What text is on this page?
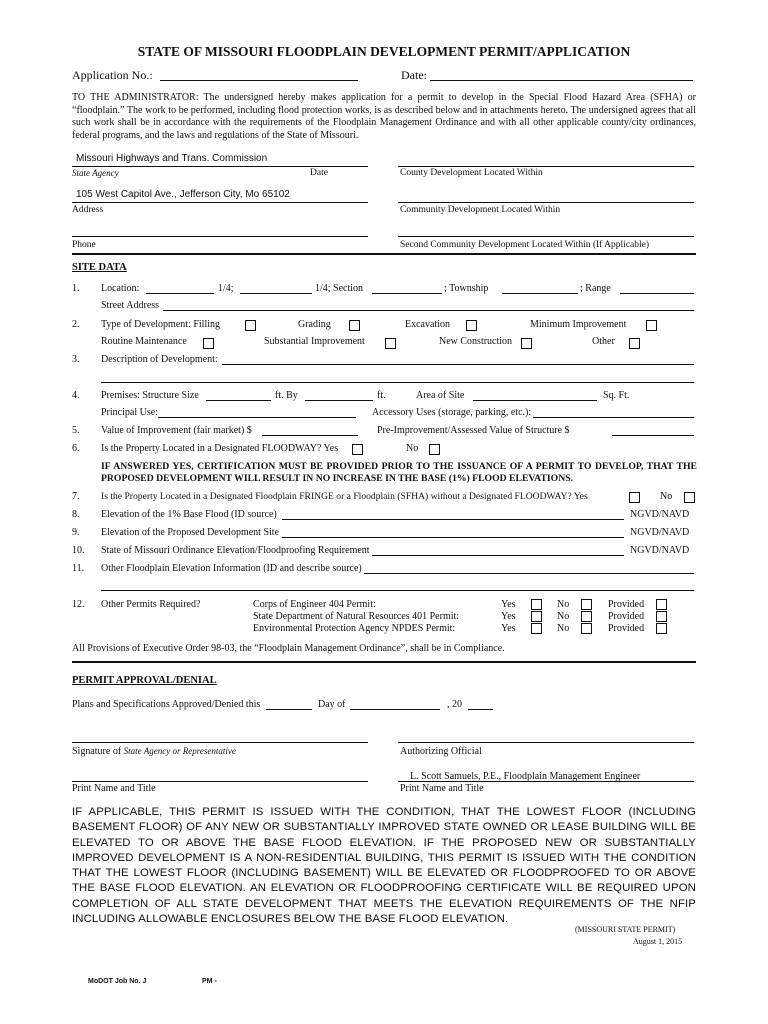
STATE OF MISSOURI FLOODPLAIN DEVELOPMENT PERMIT/APPLICATION
Application No.:	Date:
TO THE ADMINISTRATOR: The undersigned hereby makes application for a permit to develop in the Special Flood Hazard Area (SFHA) or “floodplain.” The work to be performed, including flood protection works, is as described below and in attachments hereto. The undersigned agrees that all such work shall be in accordance with the requirements of the Floodplain Management Ordinance and with all other applicable county/city ordinances, federal programs, and the laws and regulations of the State of Missouri.
Missouri Highways and Trans. Commission
State Agency	Date	County Development Located Within
105 West Capitol Ave., Jefferson City, Mo 65102
Address	Community Development Located Within
Phone	Second Community Development Located Within (If Applicable)
SITE DATA
1. Location:	1/4;	1/4; Section	; Township	; Range
Street Address
2. Type of Development: Filling	Grading	Excavation	Minimum Improvement
Routine Maintenance	Substantial Improvement	New Construction	Other
3. Description of Development:
4. Premises: Structure Size	ft. By	ft.	Area of Site	Sq. Ft.
Principal Use:	Accessory Uses (storage, parking, etc.):
5. Value of Improvement (fair market) $	Pre-Improvement/Assessed Value of Structure $
6. Is the Property Located in a Designated FLOODWAY? Yes	No
IF ANSWERED YES, CERTIFICATION MUST BE PROVIDED PRIOR TO THE ISSUANCE OF A PERMIT TO DEVELOP, THAT THE PROPOSED DEVELOPMENT WILL RESULT IN NO INCREASE IN THE BASE (1%) FLOOD ELEVATIONS.
7. Is the Property Located in a Designated Floodplain FRINGE or a Floodplain (SFHA) without a Designated FLOODWAY? Yes	No
8. Elevation of the 1% Base Flood (ID source)	NGVD/NAVD
9. Elevation of the Proposed Development Site	NGVD/NAVD
10. State of Missouri Ordinance Elevation/Floodproofing Requirement	NGVD/NAVD
11. Other Floodplain Elevation Information (ID and describe source)
12. Other Permits Required?	Corps of Engineer 404 Permit:	Yes	No	Provided
State Department of Natural Resources 401 Permit:	Yes	No	Provided
Environmental Protection Agency NPDES Permit:	Yes	No	Provided
All Provisions of Executive Order 98-03, the “Floodplain Management Ordinance”, shall be in Compliance.
PERMIT APPROVAL/DENIAL
Plans and Specifications Approved/Denied this	Day of	, 20
Signature of State Agency or Representative	Authorizing Official
L. Scott Samuels, P.E., Floodplain Management Engineer
Print Name and Title	Print Name and Title
IF APPLICABLE, THIS PERMIT IS ISSUED WITH THE CONDITION, THAT THE LOWEST FLOOR (INCLUDING BASEMENT FLOOR) OF ANY NEW OR SUBSTANTIALLY IMPROVED STATE OWNED OR LEASE BUILDING WILL BE ELEVATED TO OR ABOVE THE BASE FLOOD ELEVATION. IF THE PROPOSED NEW OR SUBSTANTIALLY IMPROVED DEVELOPMENT IS A NON-RESIDENTIAL BUILDING, THIS PERMIT IS ISSUED WITH THE CONDITION THAT THE LOWEST FLOOR (INCLUDING BASEMENT) WILL BE ELEVATED OR FLOODPROOFED TO OR ABOVE THE BASE FLOOD ELEVATION. AN ELEVATION OR FLOODPROOFING CERTIFICATE WILL BE REQUIRED UPON COMPLETION OF ALL STATE DEVELOPMENT THAT MEETS THE ELEVATION REQUIREMENTS OF THE NFIP INCLUDING ALLOWABLE ENCLOSURES BELOW THE BASE FLOOD ELEVATION.
(MISSOURI STATE PERMIT)
August 1, 2015
MoDOT Job No. J	PM -
